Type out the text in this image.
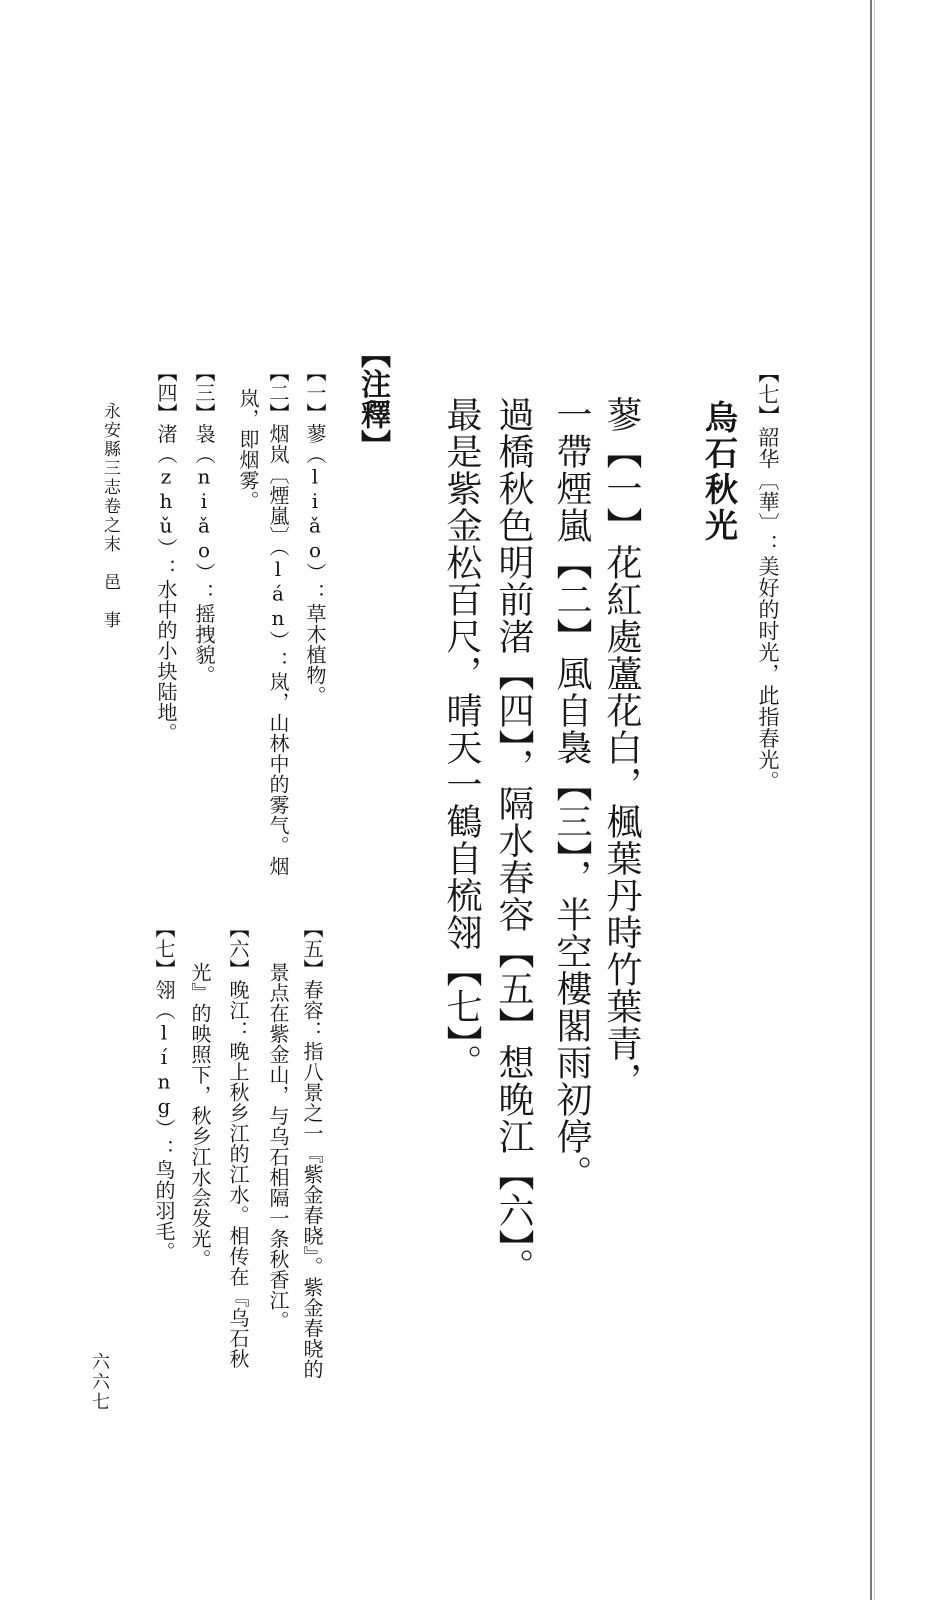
【七】韶华〔華〕：美好的时光，此指春光。
烏石秋光
蓼【一】花紅處蘆花白，楓葉丹時竹葉青，
一帶煙嵐【二】風自裊【三】，半空樓閣雨初停。
過橋秋色明前渚【四】，隔水春容【五】想晚江【六】。
最是紫金松百尺，晴天一鶴自梳翎【七】。
【注釋】
【一】蓼（liǎo）：草木植物。
【二】烟岚〔煙嵐〕（lán）：岚，山林中的雾气。烟
岚，即烟雾。
【三】袅（niǎo）：摇拽貌。
【四】渚（zhǔ）：水中的小块陆地。
【五】春容：指八景之一『紫金春晓』。紫金春晓的
景点在紫金山，与乌石相隔一条秋香江。
【六】晚江：晚上秋乡江的江水。相传在『乌石秋
光』的映照下，秋乡江水会发光。
【七】翎（líng）：鸟的羽毛。
永安縣三志卷之末　邑　事
六六七
